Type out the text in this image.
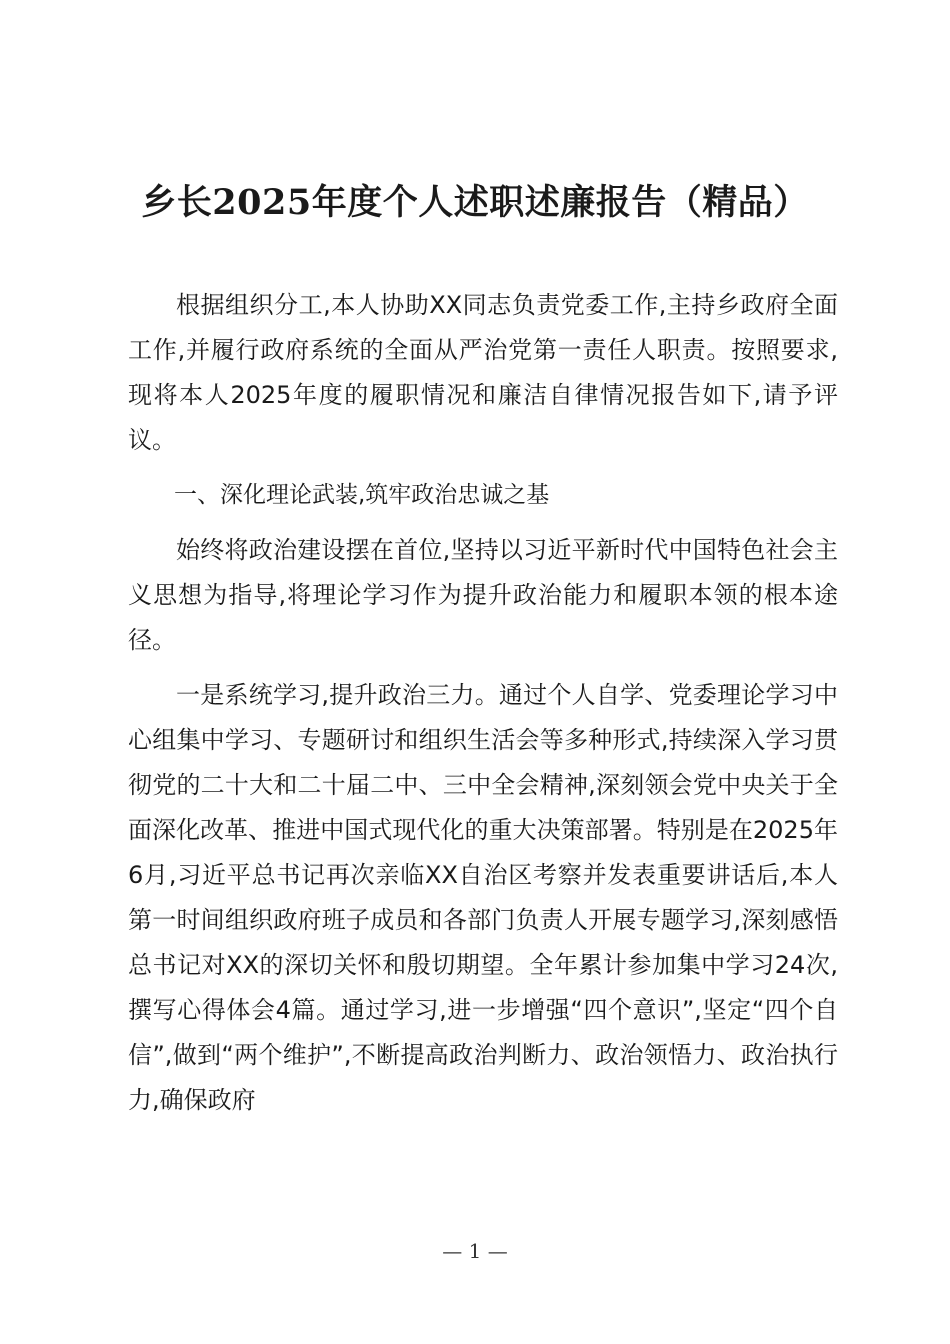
乡长2025年度个人述职述廉报告（精品）

根据组织分工,本人协助XX同志负责党委工作,主持乡政府全面工作,并履行政府系统的全面从严治党第一责任人职责。按照要求,现将本人2025年度的履职情况和廉洁自律情况报告如下,请予评议。

一、深化理论武装,筑牢政治忠诚之基

始终将政治建设摆在首位,坚持以习近平新时代中国特色社会主义思想为指导,将理论学习作为提升政治能力和履职本领的根本途径。

一是系统学习,提升政治三力。通过个人自学、党委理论学习中心组集中学习、专题研讨和组织生活会等多种形式,持续深入学习贯彻党的二十大和二十届二中、三中全会精神,深刻领会党中央关于全面深化改革、推进中国式现代化的重大决策部署。特别是在2025年6月,习近平总书记再次亲临XX自治区考察并发表重要讲话后,本人第一时间组织政府班子成员和各部门负责人开展专题学习,深刻感悟总书记对XX的深切关怀和殷切期望。全年累计参加集中学习24次,撰写心得体会4篇。通过学习,进一步增强“四个意识”,坚定“四个自信”,做到“两个维护”,不断提高政治判断力、政治领悟力、政治执行力,确保政府

— 1 —
